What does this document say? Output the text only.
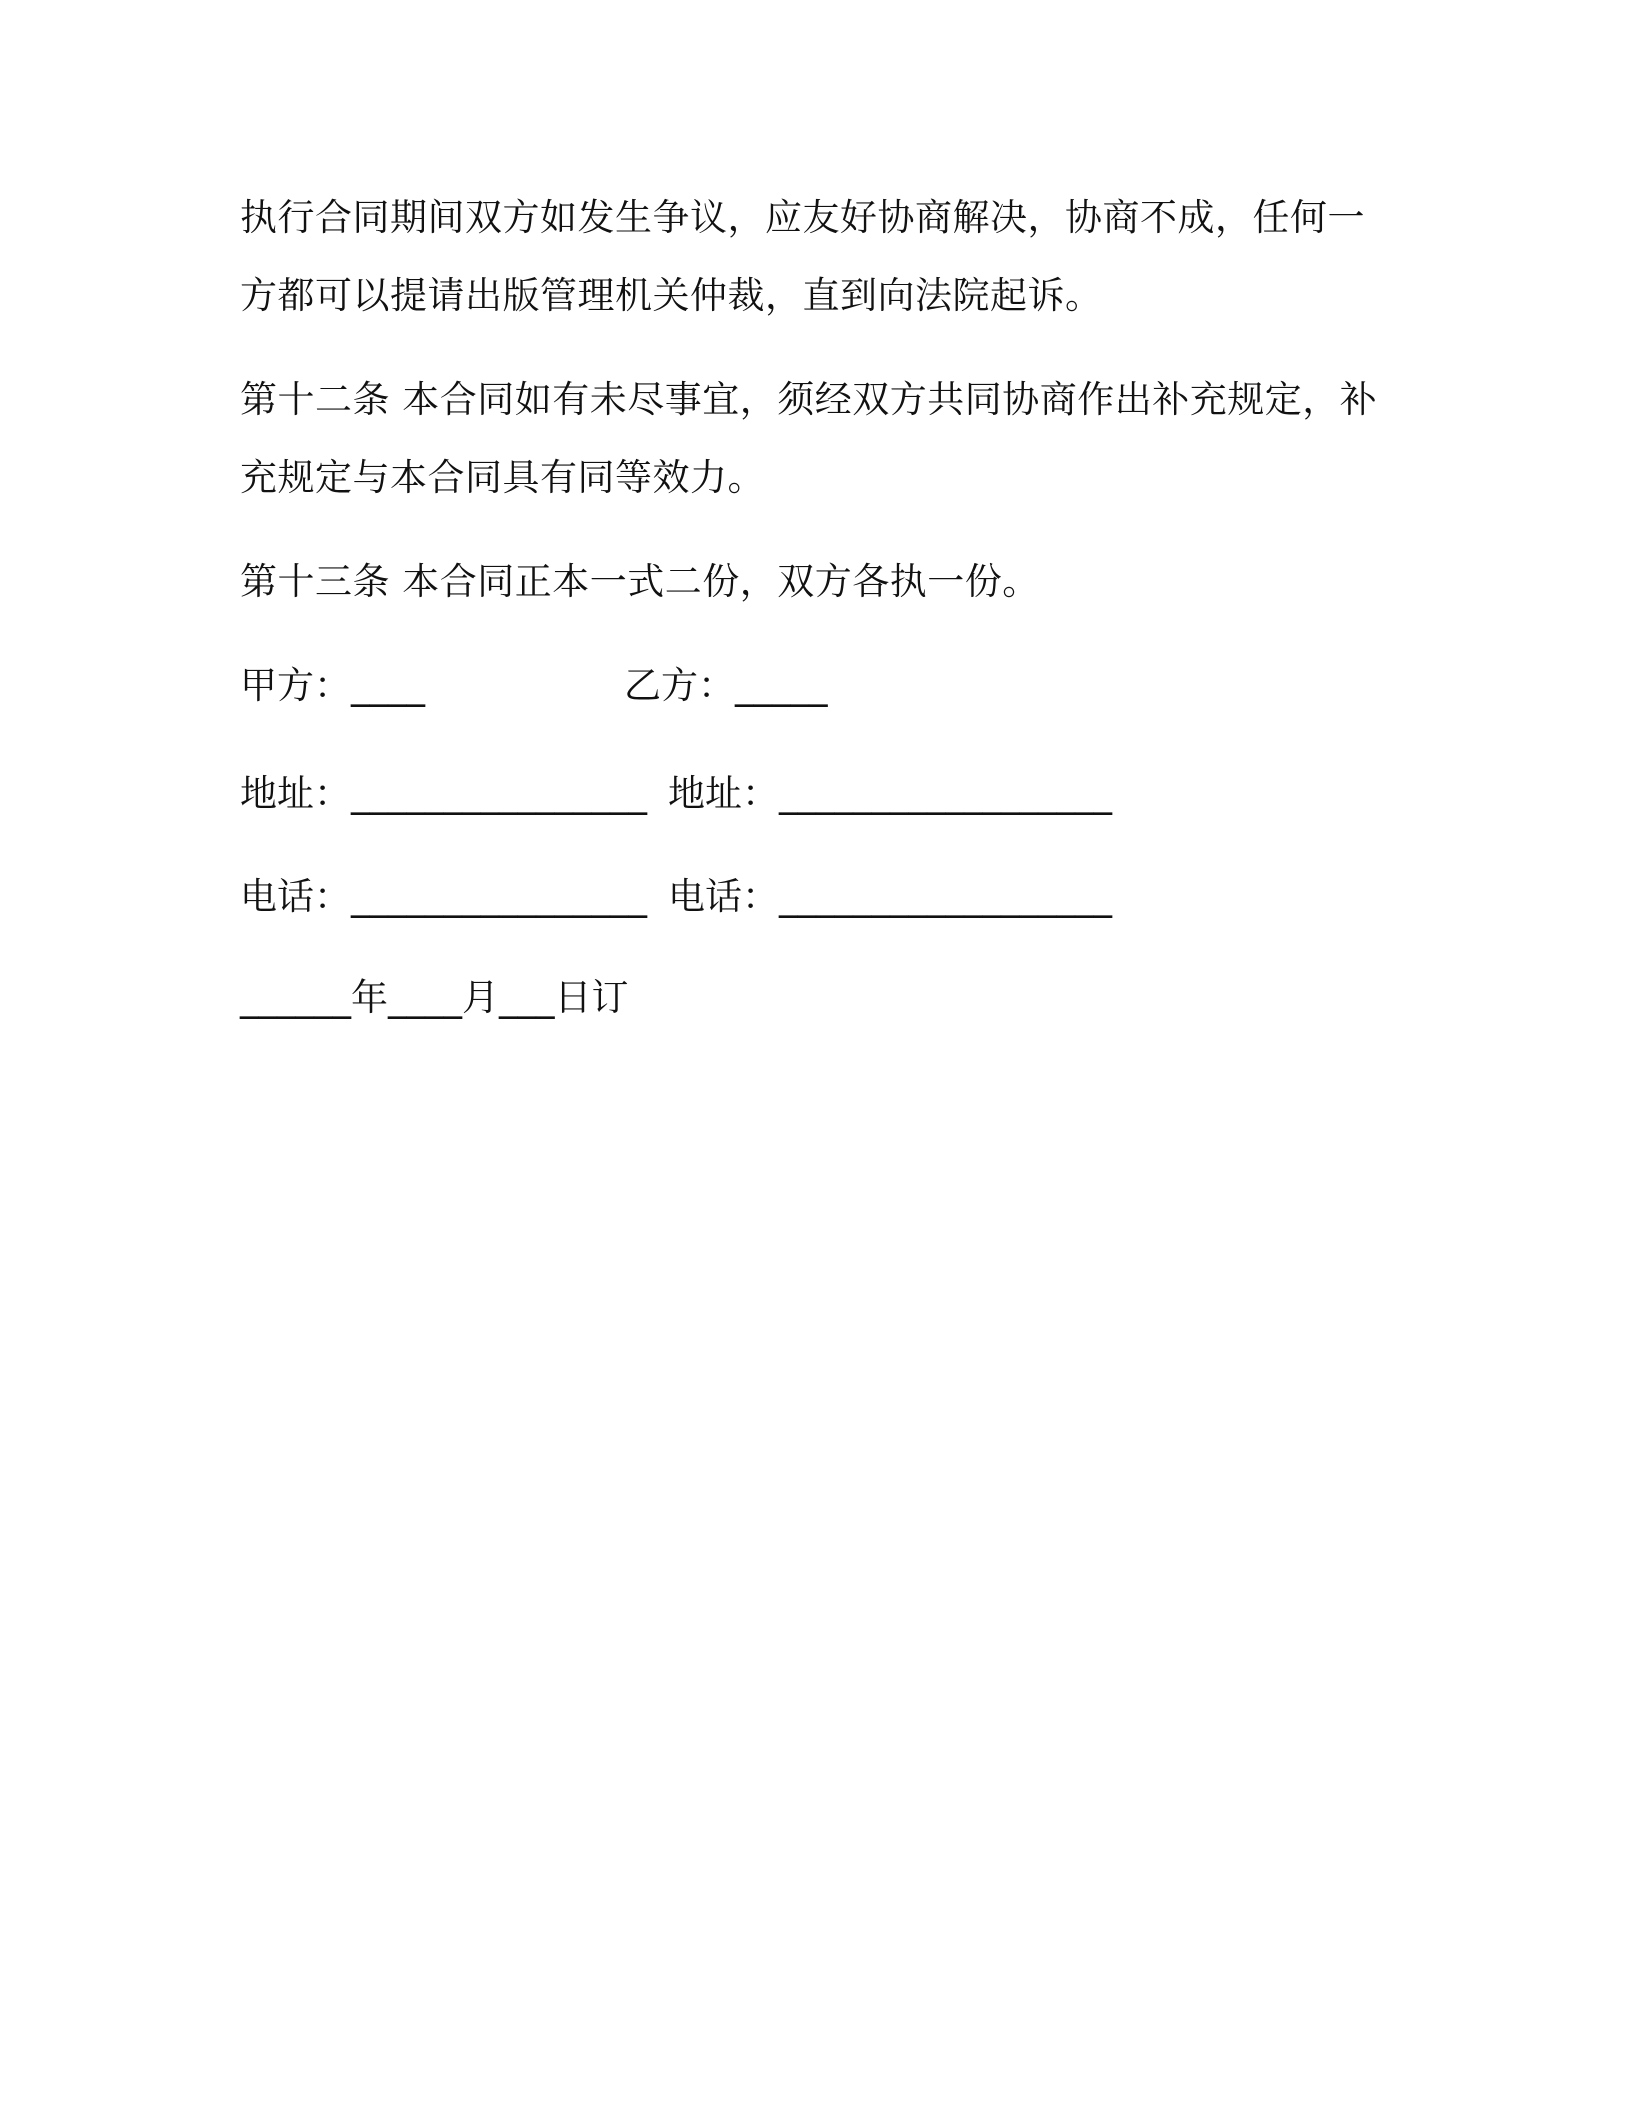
执行合同期间双方如发生争议，应友好协商解决，协商不成，任何一
方都可以提请出版管理机关仲裁，直到向法院起诉。
第十二条 本合同如有未尽事宜，须经双方共同协商作出补充规定，补
充规定与本合同具有同等效力。
第十三条 本合同正本一式二份，双方各执一份。
甲方：____	乙方：_____
地址：________________ 地址：__________________
电话：________________ 电话：__________________
______年____月___日订
